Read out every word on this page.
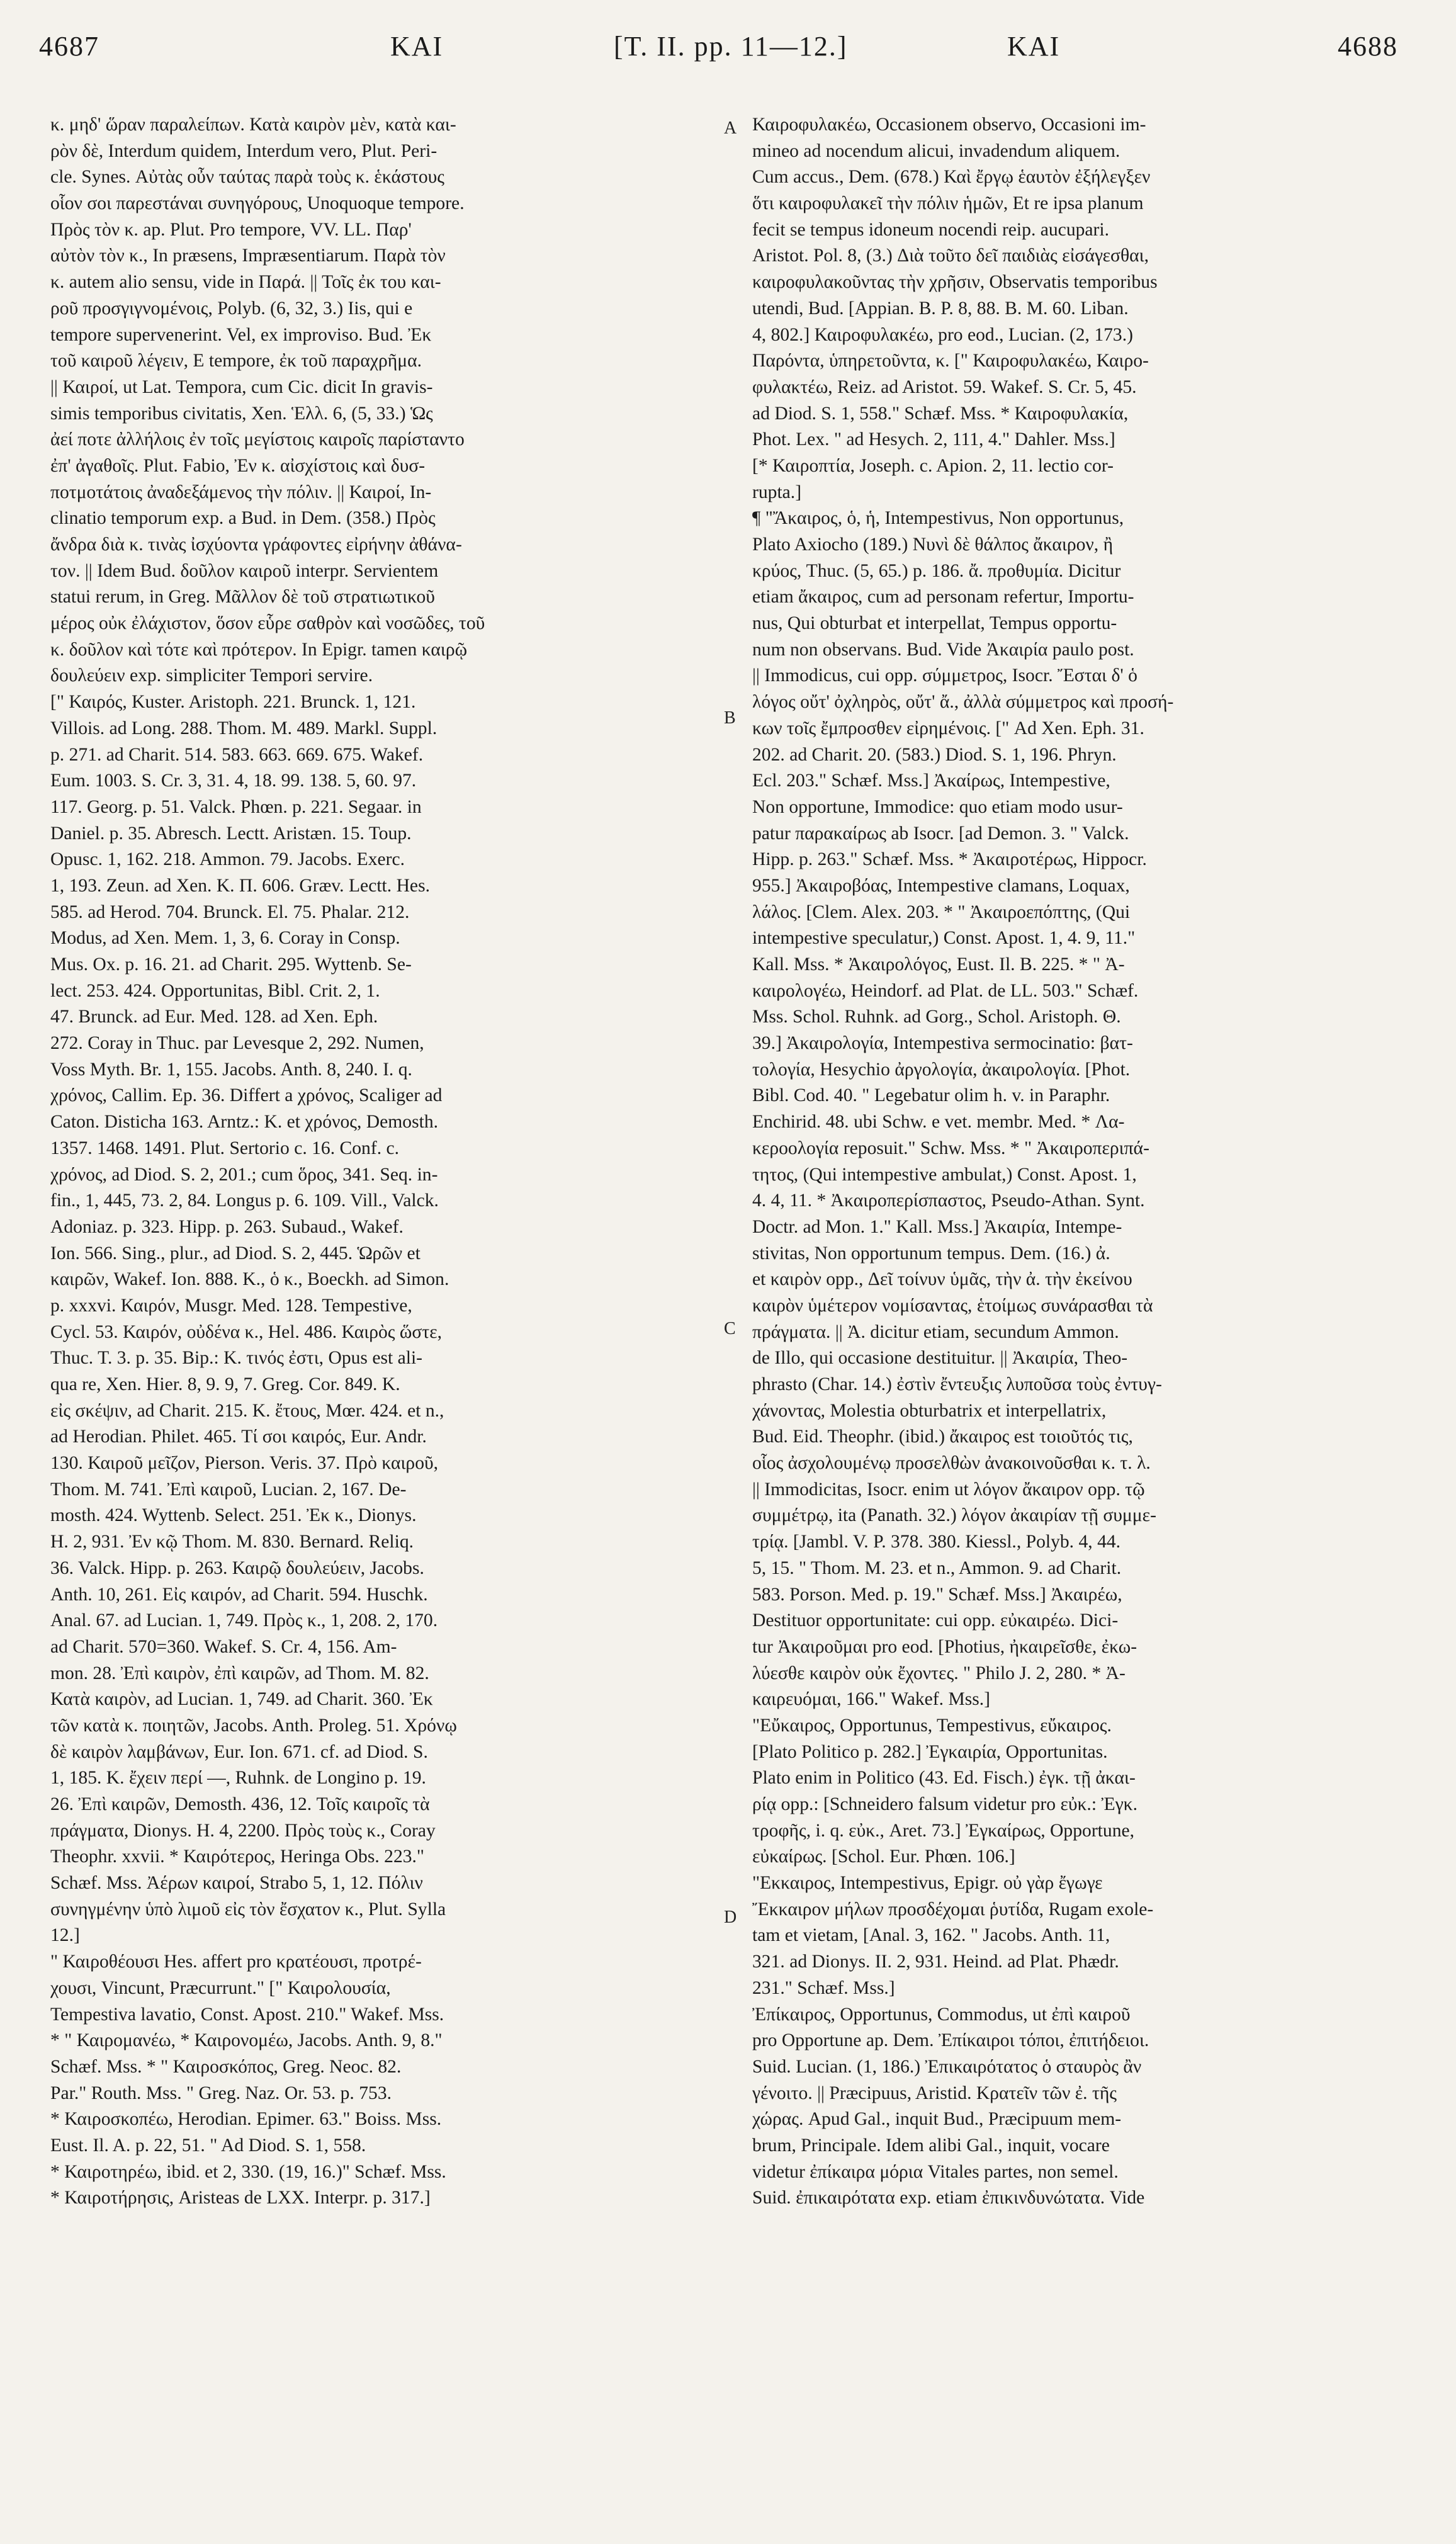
4687	ΚΑΙ	[T. II. pp. 11—12.]	ΚΑΙ	4688
A
B
C
D
κ. μηδ' ὥραν παραλείπων. Κατὰ καιρὸν μὲν, κατὰ και-
ρὸν δὲ, Interdum quidem, Interdum vero, Plut. Peri-
cle. Synes. Αὐτὰς οὖν ταύτας παρὰ τοὺς κ. ἑκάστους
οἷον σοι παρεστάναι συνηγόρους, Unoquoque tempore.
Πρὸς τὸν κ. ap. Plut. Pro tempore, VV. LL. Παρ'
αὐτὸν τὸν κ., In præsens, Impræsentiarum. Παρὰ τὸν
κ. autem alio sensu, vide in Παρά. || Τοῖς ἐκ του και-
ροῦ προσγιγνομένοις, Polyb. (6, 32, 3.) Iis, qui e
tempore supervenerint. Vel, ex improviso. Bud. Ἐκ
τοῦ καιροῦ λέγειν, E tempore, ἐκ τοῦ παραχρῆμα.
|| Καιροί, ut Lat. Tempora, cum Cic. dicit In gravis-
simis temporibus civitatis, Xen. Ἑλλ. 6, (5, 33.) Ὡς
ἀεί ποτε ἀλλήλοις ἐν τοῖς μεγίστοις καιροῖς παρίσταντο
ἐπ' ἀγαθοῖς. Plut. Fabio, Ἐν κ. αἰσχίστοις καὶ δυσ-
ποτμοτάτοις ἀναδεξάμενος τὴν πόλιν. || Καιροί, In-
clinatio temporum exp. a Bud. in Dem. (358.) Πρὸς
ἄνδρα διὰ κ. τινὰς ἰσχύοντα γράφοντες εἰρήνην ἀθάνα-
τον. || Idem Bud. δοῦλον καιροῦ interpr. Servientem
statui rerum, in Greg. Μᾶλλον δὲ τοῦ στρατιωτικοῦ
μέρος οὐκ ἐλάχιστον, ὅσον εὗρε σαθρὸν καὶ νοσῶδες, τοῦ
κ. δοῦλον καὶ τότε καὶ πρότερον. In Epigr. tamen καιρῷ
δουλεύειν exp. simpliciter Tempori servire.
[" Καιρός, Kuster. Aristoph. 221. Brunck. 1, 121.
Villois. ad Long. 288. Thom. M. 489. Markl. Suppl.
p. 271. ad Charit. 514. 583. 663. 669. 675. Wakef.
Eum. 1003. S. Cr. 3, 31. 4, 18. 99. 138. 5, 60. 97.
117. Georg. p. 51. Valck. Phœn. p. 221. Segaar. in
Daniel. p. 35. Abresch. Lectt. Aristæn. 15. Toup.
Opusc. 1, 162. 218. Ammon. 79. Jacobs. Exerc.
1, 193. Zeun. ad Xen. K. Π. 606. Græv. Lectt. Hes.
585. ad Herod. 704. Brunck. El. 75. Phalar. 212.
Modus, ad Xen. Mem. 1, 3, 6. Coray in Consp.
Mus. Ox. p. 16. 21. ad Charit. 295. Wyttenb. Se-
lect. 253. 424. Opportunitas, Bibl. Crit. 2, 1.
47. Brunck. ad Eur. Med. 128. ad Xen. Eph.
272. Coray in Thuc. par Levesque 2, 292. Numen,
Voss Myth. Br. 1, 155. Jacobs. Anth. 8, 240. I. q.
χρόνος, Callim. Ep. 36. Differt a χρόνος, Scaliger ad
Caton. Disticha 163. Arntz.: K. et χρόνος, Demosth.
1357. 1468. 1491. Plut. Sertorio c. 16. Conf. c.
χρόνος, ad Diod. S. 2, 201.; cum ὅρος, 341. Seq. in-
fin., 1, 445, 73. 2, 84. Longus p. 6. 109. Vill., Valck.
Adoniaz. p. 323. Hipp. p. 263. Subaud., Wakef.
Ion. 566. Sing., plur., ad Diod. S. 2, 445. Ὡρῶν et
καιρῶν, Wakef. Ion. 888. K., ὁ κ., Boeckh. ad Simon.
p. xxxvi. Καιρόν, Musgr. Med. 128. Tempestive,
Cycl. 53. Καιρόν, οὐδένα κ., Hel. 486. Καιρὸς ὥστε,
Thuc. T. 3. p. 35. Bip.: K. τινός ἐστι, Opus est ali-
qua re, Xen. Hier. 8, 9. 9, 7. Greg. Cor. 849. K.
εἰς σκέψιν, ad Charit. 215. K. ἔτους, Mœr. 424. et n.,
ad Herodian. Philet. 465. Τί σοι καιρός, Eur. Andr.
130. Καιροῦ μεῖζον, Pierson. Veris. 37. Πρὸ καιροῦ,
Thom. M. 741. Ἐπὶ καιροῦ, Lucian. 2, 167. De-
mosth. 424. Wyttenb. Select. 251. Ἐκ κ., Dionys.
H. 2, 931. Ἐν κῷ Thom. M. 830. Bernard. Reliq.
36. Valck. Hipp. p. 263. Καιρῷ δουλεύειν, Jacobs.
Anth. 10, 261. Εἰς καιρόν, ad Charit. 594. Huschk.
Anal. 67. ad Lucian. 1, 749. Πρὸς κ., 1, 208. 2, 170.
ad Charit. 570=360. Wakef. S. Cr. 4, 156. Am-
mon. 28. Ἐπὶ καιρὸν, ἐπὶ καιρῶν, ad Thom. M. 82.
Κατὰ καιρὸν, ad Lucian. 1, 749. ad Charit. 360. Ἐκ
τῶν κατὰ κ. ποιητῶν, Jacobs. Anth. Proleg. 51. Χρόνῳ
δὲ καιρὸν λαμβάνων, Eur. Ion. 671. cf. ad Diod. S.
1, 185. K. ἔχειν περί —, Ruhnk. de Longino p. 19.
26. Ἐπὶ καιρῶν, Demosth. 436, 12. Τοῖς καιροῖς τὰ
πράγματα, Dionys. H. 4, 2200. Πρὸς τοὺς κ., Coray
Theophr. xxvii. * Καιρότερος, Heringa Obs. 223."
Schæf. Mss. Ἀέρων καιροί, Strabo 5, 1, 12. Πόλιν
συνηγμένην ὑπὸ λιμοῦ εἰς τὸν ἔσχατον κ., Plut. Sylla
12.]
" Καιροθέουσι Hes. affert pro κρατέουσι, προτρέ-
χουσι, Vincunt, Præcurrunt." [" Καιρολουσία,
Tempestiva lavatio, Const. Apost. 210." Wakef. Mss.
* " Καιρομανέω, * Καιρονομέω, Jacobs. Anth. 9, 8."
Schæf. Mss. * " Καιροσκόπος, Greg. Neoc. 82.
Par." Routh. Mss. " Greg. Naz. Or. 53. p. 753.
* Καιροσκοπέω, Herodian. Epimer. 63." Boiss. Mss.
Eust. Il. A. p. 22, 51. " Ad Diod. S. 1, 558.
* Καιροτηρέω, ibid. et 2, 330. (19, 16.)" Schæf. Mss.
* Καιροτήρησις, Aristeas de LXX. Interpr. p. 317.]
Καιροφυλακέω, Occasionem observo, Occasioni im-
mineo ad nocendum alicui, invadendum aliquem.
Cum accus., Dem. (678.) Καὶ ἔργῳ ἑαυτὸν ἐξήλεγξεν
ὅτι καιροφυλακεῖ τὴν πόλιν ἡμῶν, Et re ipsa planum
fecit se tempus idoneum nocendi reip. aucupari.
Aristot. Pol. 8, (3.) Διὰ τοῦτο δεῖ παιδιὰς εἰσάγεσθαι,
καιροφυλακοῦντας τὴν χρῆσιν, Observatis temporibus
utendi, Bud. [Appian. B. P. 8, 88. B. M. 60. Liban.
4, 802.] Καιροφυλακέω, pro eod., Lucian. (2, 173.)
Παρόντα, ὑπηρετοῦντα, κ. [" Καιροφυλακέω, Καιρο-
φυλακτέω, Reiz. ad Aristot. 59. Wakef. S. Cr. 5, 45.
ad Diod. S. 1, 558." Schæf. Mss. * Καιροφυλακία,
Phot. Lex. " ad Hesych. 2, 111, 4." Dahler. Mss.]
[* Καιροπτία, Joseph. c. Apion. 2, 11. lectio cor-
rupta.]
¶ "Ἄκαιρος, ὁ, ἡ, Intempestivus, Non opportunus,
Plato Axiocho (189.) Νυνὶ δὲ θάλπος ἄκαιρον, ἢ
κρύος, Thuc. (5, 65.) p. 186. ἄ. προθυμία. Dicitur
etiam ἄκαιρος, cum ad personam refertur, Importu-
nus, Qui obturbat et interpellat, Tempus opportu-
num non observans. Bud. Vide Ἀκαιρία paulo post.
|| Immodicus, cui opp. σύμμετρος, Isocr. Ἔσται δ' ὁ
λόγος οὔτ' ὀχληρὸς, οὔτ' ἄ., ἀλλὰ σύμμετρος καὶ προσή-
κων τοῖς ἔμπροσθεν εἰρημένοις. [" Ad Xen. Eph. 31.
202. ad Charit. 20. (583.) Diod. S. 1, 196. Phryn.
Ecl. 203." Schæf. Mss.] Ἀκαίρως, Intempestive,
Non opportune, Immodice: quo etiam modo usur-
patur παρακαίρως ab Isocr. [ad Demon. 3. " Valck.
Hipp. p. 263." Schæf. Mss. * Ἀκαιροτέρως, Hippocr.
955.] Ἀκαιροβόας, Intempestive clamans, Loquax,
λάλος. [Clem. Alex. 203. * " Ἀκαιροεπόπτης, (Qui
intempestive speculatur,) Const. Apost. 1, 4. 9, 11."
Kall. Mss. * Ἀκαιρολόγος, Eust. Il. B. 225. * " Ἀ-
καιρολογέω, Heindorf. ad Plat. de LL. 503." Schæf.
Mss. Schol. Ruhnk. ad Gorg., Schol. Aristoph. Θ.
39.] Ἀκαιρολογία, Intempestiva sermocinatio: βατ-
τολογία, Hesychio ἀργολογία, ἀκαιρολογία. [Phot.
Bibl. Cod. 40. " Legebatur olim h. v. in Paraphr.
Enchirid. 48. ubi Schw. e vet. membr. Med. * Λα-
κεροολογία reposuit." Schw. Mss. * " Ἀκαιροπεριπά-
τητος, (Qui intempestive ambulat,) Const. Apost. 1,
4. 4, 11. * Ἀκαιροπερίσπαστος, Pseudo-Athan. Synt.
Doctr. ad Mon. 1." Kall. Mss.] Ἀκαιρία, Intempe-
stivitas, Non opportunum tempus. Dem. (16.) ἀ.
et καιρὸν opp., Δεῖ τοίνυν ὑμᾶς, τὴν ἀ. τὴν ἐκείνου
καιρὸν ὑμέτερον νομίσαντας, ἑτοίμως συνάρασθαι τὰ
πράγματα. || Ἀ. dicitur etiam, secundum Ammon.
de Illo, qui occasione destituitur. || Ἀκαιρία, Theo-
phrasto (Char. 14.) ἐστὶν ἔντευξις λυποῦσα τοὺς ἐντυγ-
χάνοντας, Molestia obturbatrix et interpellatrix,
Bud. Eid. Theophr. (ibid.) ἄκαιρος est τοιοῦτός τις,
οἷος ἀσχολουμένῳ προσελθὼν ἀνακοινοῦσθαι κ. τ. λ.
|| Immodicitas, Isocr. enim ut λόγον ἄκαιρον opp. τῷ
συμμέτρῳ, ita (Panath. 32.) λόγον ἀκαιρίαν τῇ συμμε-
τρίᾳ. [Jambl. V. P. 378. 380. Kiessl., Polyb. 4, 44.
5, 15. " Thom. M. 23. et n., Ammon. 9. ad Charit.
583. Porson. Med. p. 19." Schæf. Mss.] Ἀκαιρέω,
Destituor opportunitate: cui opp. εὐκαιρέω. Dici-
tur Ἀκαιροῦμαι pro eod. [Photius, ἠκαιρεῖσθε, ἐκω-
λύεσθε καιρὸν οὐκ ἔχοντες. " Philo J. 2, 280. * Ἀ-
καιρευόμαι, 166." Wakef. Mss.]
"Εὔκαιρος, Opportunus, Tempestivus, εὔκαιρος.
[Plato Politico p. 282.] Ἐγκαιρία, Opportunitas.
Plato enim in Politico (43. Ed. Fisch.) ἐγκ. τῇ ἀκαι-
ρίᾳ opp.: [Schneidero falsum videtur pro εὐκ.: Ἐγκ.
τροφῆς, i. q. εὐκ., Aret. 73.] Ἐγκαίρως, Opportune,
εὐκαίρως. [Schol. Eur. Phœn. 106.]
"Εκκαιρος, Intempestivus, Epigr. οὐ γὰρ ἔγωγε
Ἔκκαιρον μήλων προσδέχομαι ῥυτίδα, Rugam exole-
tam et vietam, [Anal. 3, 162. " Jacobs. Anth. 11,
321. ad Dionys. II. 2, 931. Heind. ad Plat. Phædr.
231." Schæf. Mss.]
Ἐπίκαιρος, Opportunus, Commodus, ut ἐπὶ καιροῦ
pro Opportune ap. Dem. Ἐπίκαιροι τόποι, ἐπιτήδειοι.
Suid. Lucian. (1, 186.) Ἐπικαιρότατος ὁ σταυρὸς ἂν
γένοιτο. || Præcipuus, Aristid. Κρατεῖν τῶν ἐ. τῆς
χώρας. Apud Gal., inquit Bud., Præcipuum mem-
brum, Principale. Idem alibi Gal., inquit, vocare
videtur ἐπίκαιρα μόρια Vitales partes, non semel.
Suid. ἐπικαιρότατα exp. etiam ἐπικινδυνώτατα. Vide
